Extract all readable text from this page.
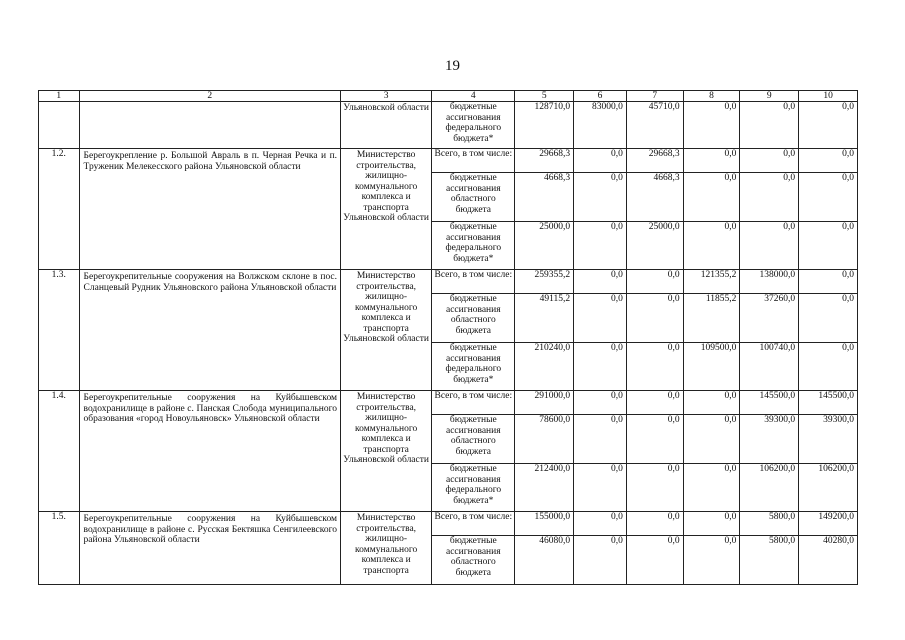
19
1	2	3	4	5	6	7	8	9	10
		Ульяновской области	бюджетные ассигнования федерального бюджета*	128710,0	83000,0	45710,0	0,0	0,0	0,0
1.2.	Берегоукрепление р. Большой Авраль в п. Черная Речка и п. Труженик Мелекесского района Ульяновской области	Министерство строительства, жилищно-коммунального комплекса и транспорта Ульяновской области	Всего, в том числе:	29668,3	0,0	29668,3	0,0	0,0	0,0
			бюджетные ассигнования областного бюджета	4668,3	0,0	4668,3	0,0	0,0	0,0
			бюджетные ассигнования федерального бюджета*	25000,0	0,0	25000,0	0,0	0,0	0,0
1.3.	Берегоукрепительные сооружения на Волжском склоне в пос. Сланцевый Рудник Ульяновского района Ульяновской области	Министерство строительства, жилищно-коммунального комплекса и транспорта Ульяновской области	Всего, в том числе:	259355,2	0,0	0,0	121355,2	138000,0	0,0
			бюджетные ассигнования областного бюджета	49115,2	0,0	0,0	11855,2	37260,0	0,0
			бюджетные ассигнования федерального бюджета*	210240,0	0,0	0,0	109500,0	100740,0	0,0
1.4.	Берегоукрепительные сооружения на Куйбышевском водохранилище в районе с. Панская Слобода муниципального образования «город Новоульяновск» Ульяновской области	Министерство строительства, жилищно-коммунального комплекса и транспорта Ульяновской области	Всего, в том числе:	291000,0	0,0	0,0	0,0	145500,0	145500,0
			бюджетные ассигнования областного бюджета	78600,0	0,0	0,0	0,0	39300,0	39300,0
			бюджетные ассигнования федерального бюджета*	212400,0	0,0	0,0	0,0	106200,0	106200,0
1.5.	Берегоукрепительные сооружения на Куйбышевском водохранилище в районе с. Русская Бектяшка Сенгилеевского района Ульяновской области	Министерство строительства, жилищно-коммунального комплекса и транспорта	Всего, в том числе:	155000,0	0,0	0,0	0,0	5800,0	149200,0
			бюджетные ассигнования областного бюджета	46080,0	0,0	0,0	0,0	5800,0	40280,0
